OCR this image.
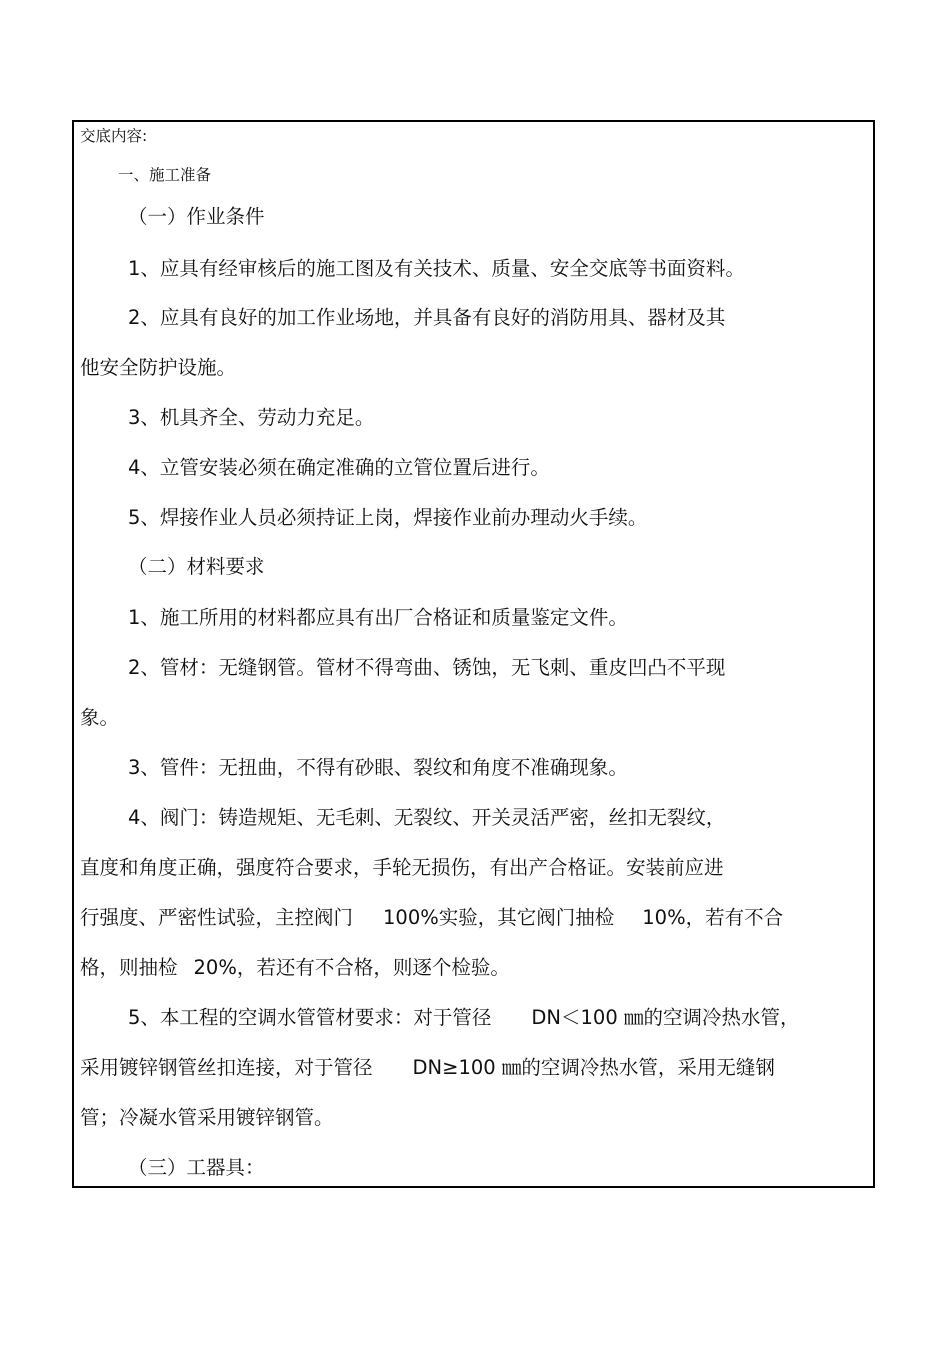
交底内容:
一、施工准备
（一）作业条件
1、应具有经审核后的施工图及有关技术、质量、安全交底等书面资料。
2、应具有良好的加工作业场地，并具备有良好的消防用具、器材及其
他安全防护设施。
3、机具齐全、劳动力充足。
4、立管安装必须在确定准确的立管位置后进行。
5、焊接作业人员必须持证上岗，焊接作业前办理动火手续。
（二）材料要求
1、施工所用的材料都应具有出厂合格证和质量鉴定文件。
2、管材：无缝钢管。管材不得弯曲、锈蚀，无飞刺、重皮凹凸不平现
象。
3、管件：无扭曲，不得有砂眼、裂纹和角度不准确现象。
4、阀门：铸造规矩、无毛刺、无裂纹、开关灵活严密，丝扣无裂纹，
直度和角度正确，强度符合要求，手轮无损伤，有出产合格证。安装前应进
行强度、严密性试验，主控阀门 100%实验，其它阀门抽检 10%，若有不合
格，则抽检 20%，若还有不合格，则逐个检验。
5、本工程的空调水管管材要求：对于管径 DN＜100 ㎜的空调冷热水管，
采用镀锌钢管丝扣连接，对于管径 DN≥100 ㎜的空调冷热水管，采用无缝钢
管；冷凝水管采用镀锌钢管。
（三）工器具：
